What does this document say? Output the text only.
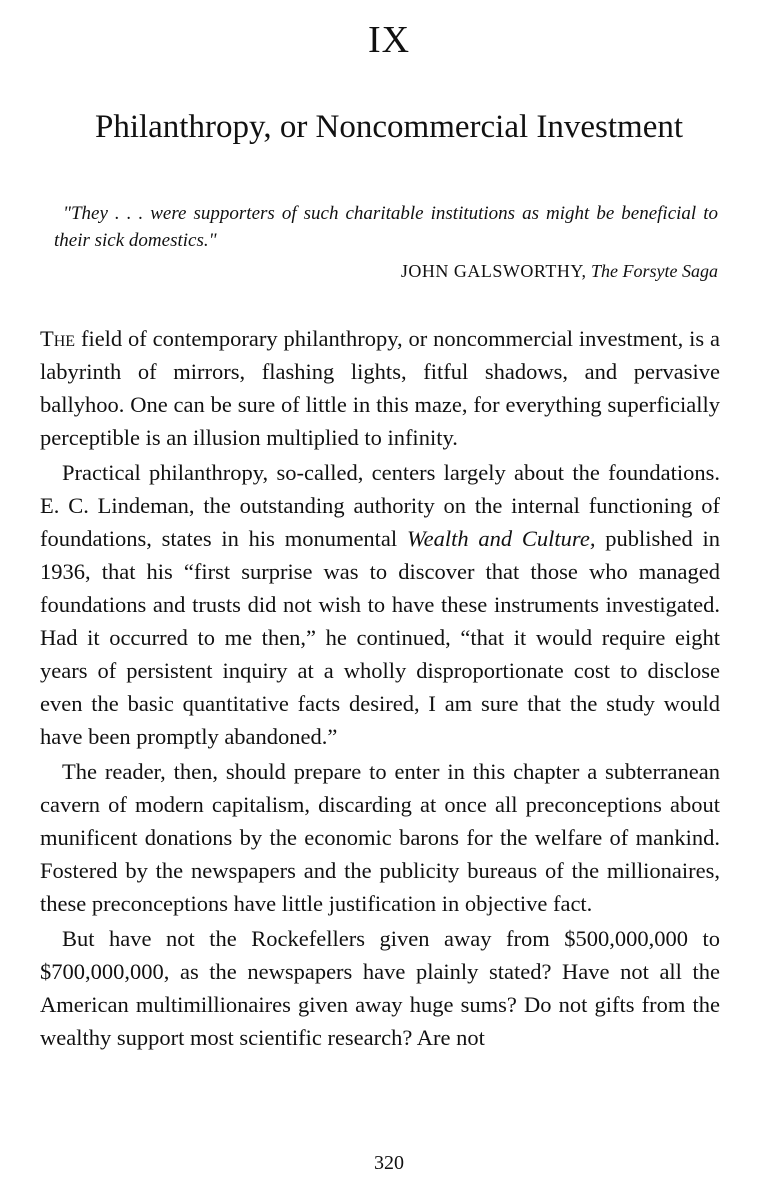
IX
Philanthropy, or Noncommercial Investment
"They . . . were supporters of such charitable institutions as might be beneficial to their sick domestics."
JOHN GALSWORTHY, The Forsyte Saga

The field of contemporary philanthropy, or noncommercial investment, is a labyrinth of mirrors, flashing lights, fitful shadows, and pervasive ballyhoo. One can be sure of little in this maze, for everything superficially perceptible is an illusion multiplied to infinity.

Practical philanthropy, so-called, centers largely about the foundations. E. C. Lindeman, the outstanding authority on the internal functioning of foundations, states in his monumental Wealth and Culture, published in 1936, that his “first surprise was to discover that those who managed foundations and trusts did not wish to have these instruments investigated. Had it occurred to me then,” he continued, “that it would require eight years of persistent inquiry at a wholly disproportionate cost to disclose even the basic quantitative facts desired, I am sure that the study would have been promptly abandoned.”

The reader, then, should prepare to enter in this chapter a subterranean cavern of modern capitalism, discarding at once all preconceptions about munificent donations by the economic barons for the welfare of mankind. Fostered by the newspapers and the publicity bureaus of the millionaires, these preconceptions have little justification in objective fact.

But have not the Rockefellers given away from $500,000,000 to $700,000,000, as the newspapers have plainly stated? Have not all the American multimillionaires given away huge sums? Do not gifts from the wealthy support most scientific research? Are not

320
